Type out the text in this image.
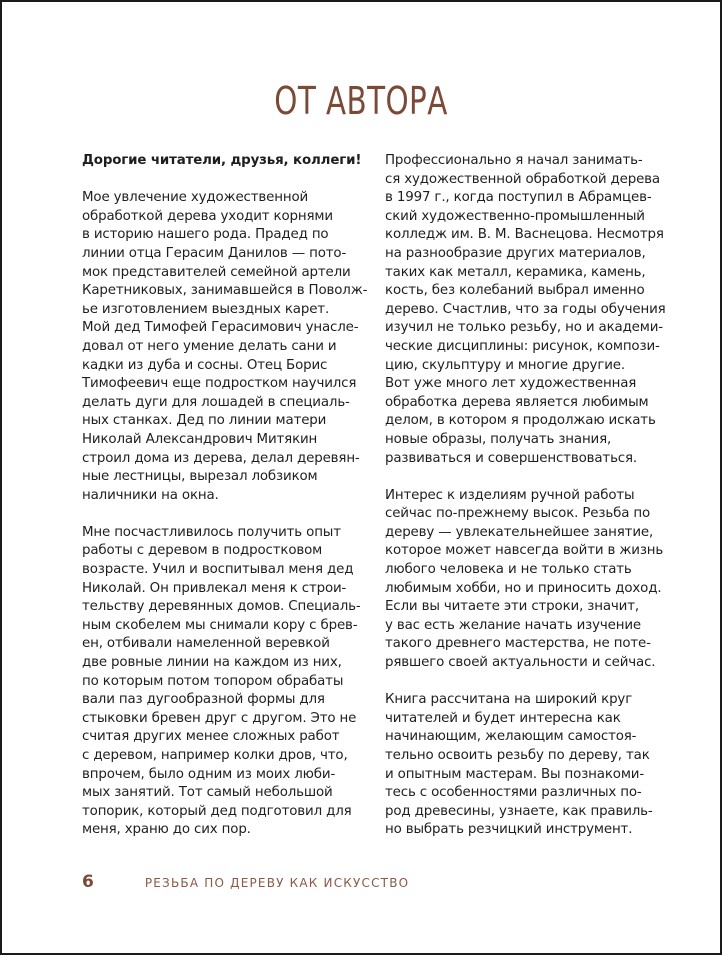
ОТ АВТОРА
Дорогие читатели, друзья, коллеги!
Мое увлечение художественной
обработкой дерева уходит корнями
в историю нашего рода. Прадед по
линии отца Герасим Данилов — пото-
мок представителей семейной артели
Каретниковых, занимавшейся в Поволж-
ье изготовлением выездных карет.
Мой дед Тимофей Герасимович унасле-
довал от него умение делать сани и
кадки из дуба и сосны. Отец Борис
Тимофеевич еще подростком научился
делать дуги для лошадей в специаль-
ных станках. Дед по линии матери
Николай Александрович Митякин
строил дома из дерева, делал деревян-
ные лестницы, вырезал лобзиком
наличники на окна.
Мне посчастливилось получить опыт
работы с деревом в подростковом
возрасте. Учил и воспитывал меня дед
Николай. Он привлекал меня к строи-
тельству деревянных домов. Специаль-
ным скобелем мы снимали кору с брев-
ен, отбивали намеленной веревкой
две ровные линии на каждом из них,
по которым потом топором обрабаты
вали паз дугообразной формы для
стыковки бревен друг с другом. Это не
считая других менее сложных работ
с деревом, например колки дров, что,
впрочем, было одним из моих люби-
мых занятий. Тот самый небольшой
топорик, который дед подготовил для
меня, храню до сих пор.
Профессионально я начал занимать-
ся художественной обработкой дерева
в 1997 г., когда поступил в Абрамцев-
ский художественно-промышленный
колледж им. В. М. Васнецова. Несмотря
на разнообразие других материалов,
таких как металл, керамика, камень,
кость, без колебаний выбрал именно
дерево. Счастлив, что за годы обучения
изучил не только резьбу, но и академи-
ческие дисциплины: рисунок, компози-
цию, скульптуру и многие другие.
Вот уже много лет художественная
обработка дерева является любимым
делом, в котором я продолжаю искать
новые образы, получать знания,
развиваться и совершенствоваться.
Интерес к изделиям ручной работы
сейчас по-прежнему высок. Резьба по
дереву — увлекательнейшее занятие,
которое может навсегда войти в жизнь
любого человека и не только стать
любимым хобби, но и приносить доход.
Если вы читаете эти строки, значит,
у вас есть желание начать изучение
такого древнего мастерства, не поте-
рявшего своей актуальности и сейчас.
Книга рассчитана на широкий круг
читателей и будет интересна как
начинающим, желающим самостоя-
тельно освоить резьбу по дереву, так
и опытным мастерам. Вы познакоми-
тесь с особенностями различных по-
род древесины, узнаете, как правиль-
но выбрать резчицкий инструмент.
6	РЕЗЬБА ПО ДЕРЕВУ КАК ИСКУССТВО
